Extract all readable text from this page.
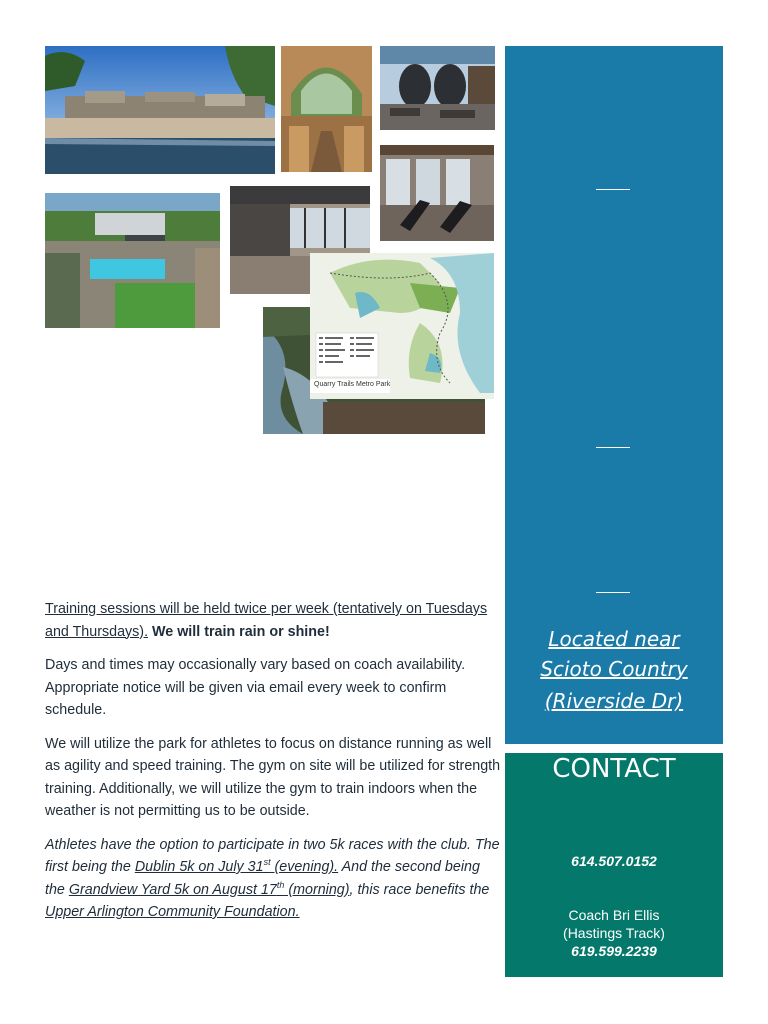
Quarry Trails Metro Park
Located near
Scioto Country
(Riverside Dr)
CONTACT
614.507.0152
Coach Bri Ellis
(Hastings Track)
619.599.2239

Training sessions will be held twice per week (tentatively on Tuesdays and Thursdays). We will train rain or shine!

Days and times may occasionally vary based on coach availability. Appropriate notice will be given via email every week to confirm schedule.

We will utilize the park for athletes to focus on distance running as well as agility and speed training. The gym on site will be utilized for strength training. Additionally, we will utilize the gym to train indoors when the weather is not permitting us to be outside.

Athletes have the option to participate in two 5k races with the club. The first being the Dublin 5k on July 31st (evening). And the second being the Grandview Yard 5k on August 17th (morning), this race benefits the Upper Arlington Community Foundation.
